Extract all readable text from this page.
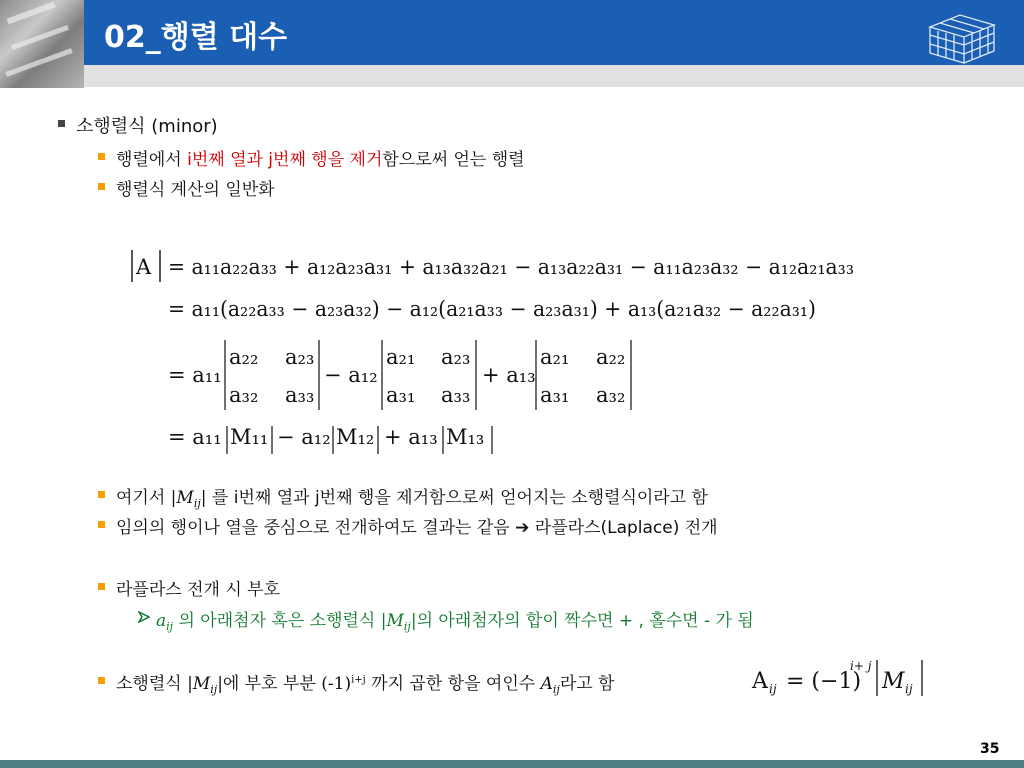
02_행렬 대수
소행렬식 (minor)
행렬에서 i번째 열과 j번째 행을 제거함으로써 얻는 행렬
행렬식 계산의 일반화
A = a₁₁a₂₂a₃₃ + a₁₂a₂₃a₃₁ + a₁₃a₃₂a₂₁ − a₁₃a₂₂a₃₁ − a₁₁a₂₃a₃₂ − a₁₂a₂₁a₃₃
= a₁₁(a₂₂a₃₃ − a₂₃a₃₂) − a₁₂(a₂₁a₃₃ − a₂₃a₃₁) + a₁₃(a₂₁a₃₂ − a₂₂a₃₁)
= a₁₁
a₂₂ a₂₃
a₃₂ a₃₃
− a₁₂
a₂₁ a₂₃
a₃₁ a₃₃
+ a₁₃
a₂₁ a₂₂
a₃₁ a₃₂
= a₁₁ M₁₁ − a₁₂ M₁₂ + a₁₃ M₁₃
여기서 $|M_{ij}|$ 를 i번째 열과 j번째 행을 제거함으로써 얻어지는 소행렬식이라고 함
임의의 행이나 열을 중심으로 전개하여도 결과는 같음 ➔ 라플라스(Laplace) 전개
라플라스 전개 시 부호
$a_{ij}$ 의 아래첨자 혹은 소행렬식 $|M_{ij}|$의 아래첨자의 합이 짝수면 + , 홀수면 - 가 됨
소행렬식 $|M_{ij}|$에 부호 부분 $(-1)^{i+j}$ 까지 곱한 항을 여인수 $A_{ij}$라고 함	A ij = (−1)
i+ j
M ij
35
